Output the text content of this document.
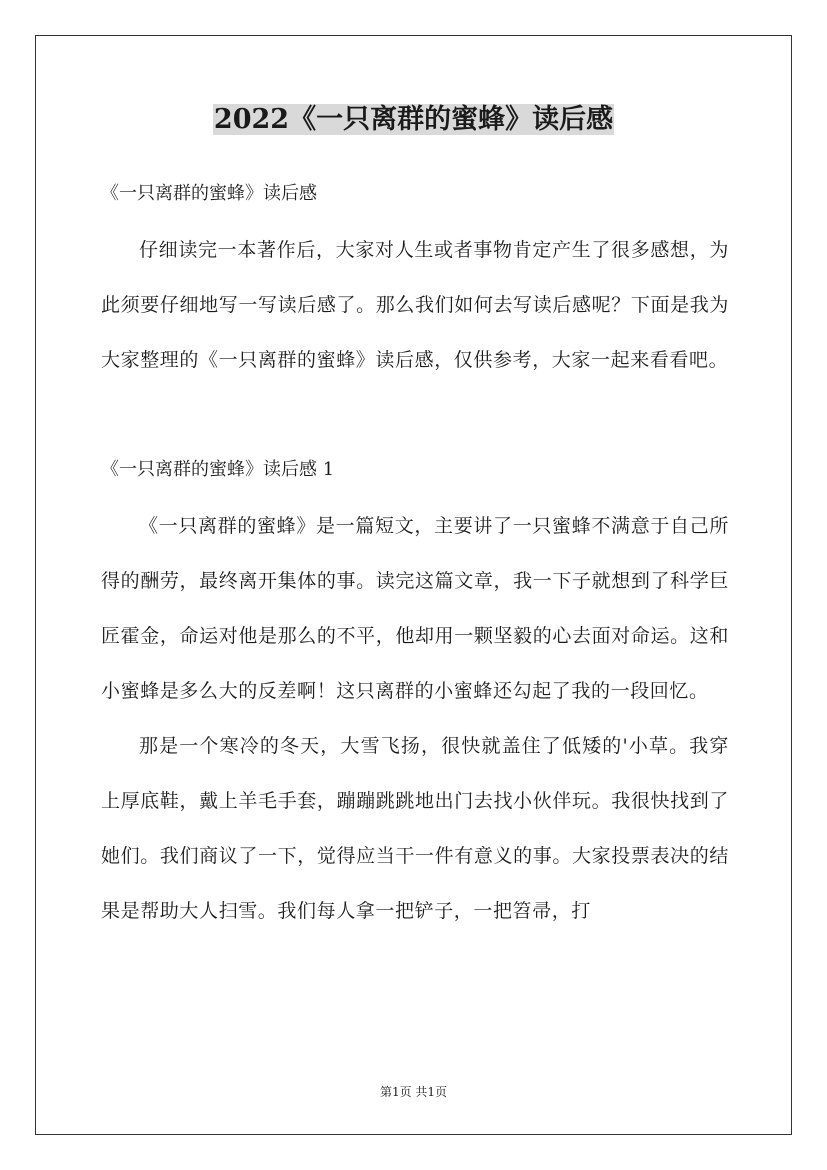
2022《一只离群的蜜蜂》读后感

《一只离群的蜜蜂》读后感

仔细读完一本著作后，大家对人生或者事物肯定产生了很多感想，为此须要仔细地写一写读后感了。那么我们如何去写读后感呢？下面是我为大家整理的《一只离群的蜜蜂》读后感，仅供参考，大家一起来看看吧。

《一只离群的蜜蜂》读后感 1

《一只离群的蜜蜂》是一篇短文，主要讲了一只蜜蜂不满意于自己所得的酬劳，最终离开集体的事。读完这篇文章，我一下子就想到了科学巨匠霍金，命运对他是那么的不平，他却用一颗坚毅的心去面对命运。这和小蜜蜂是多么大的反差啊！这只离群的小蜜蜂还勾起了我的一段回忆。

那是一个寒冷的冬天，大雪飞扬，很快就盖住了低矮的'小草。我穿上厚底鞋，戴上羊毛手套，蹦蹦跳跳地出门去找小伙伴玩。我很快找到了她们。我们商议了一下，觉得应当干一件有意义的事。大家投票表决的结果是帮助大人扫雪。我们每人拿一把铲子，一把笤帚，打

第1页 共1页
